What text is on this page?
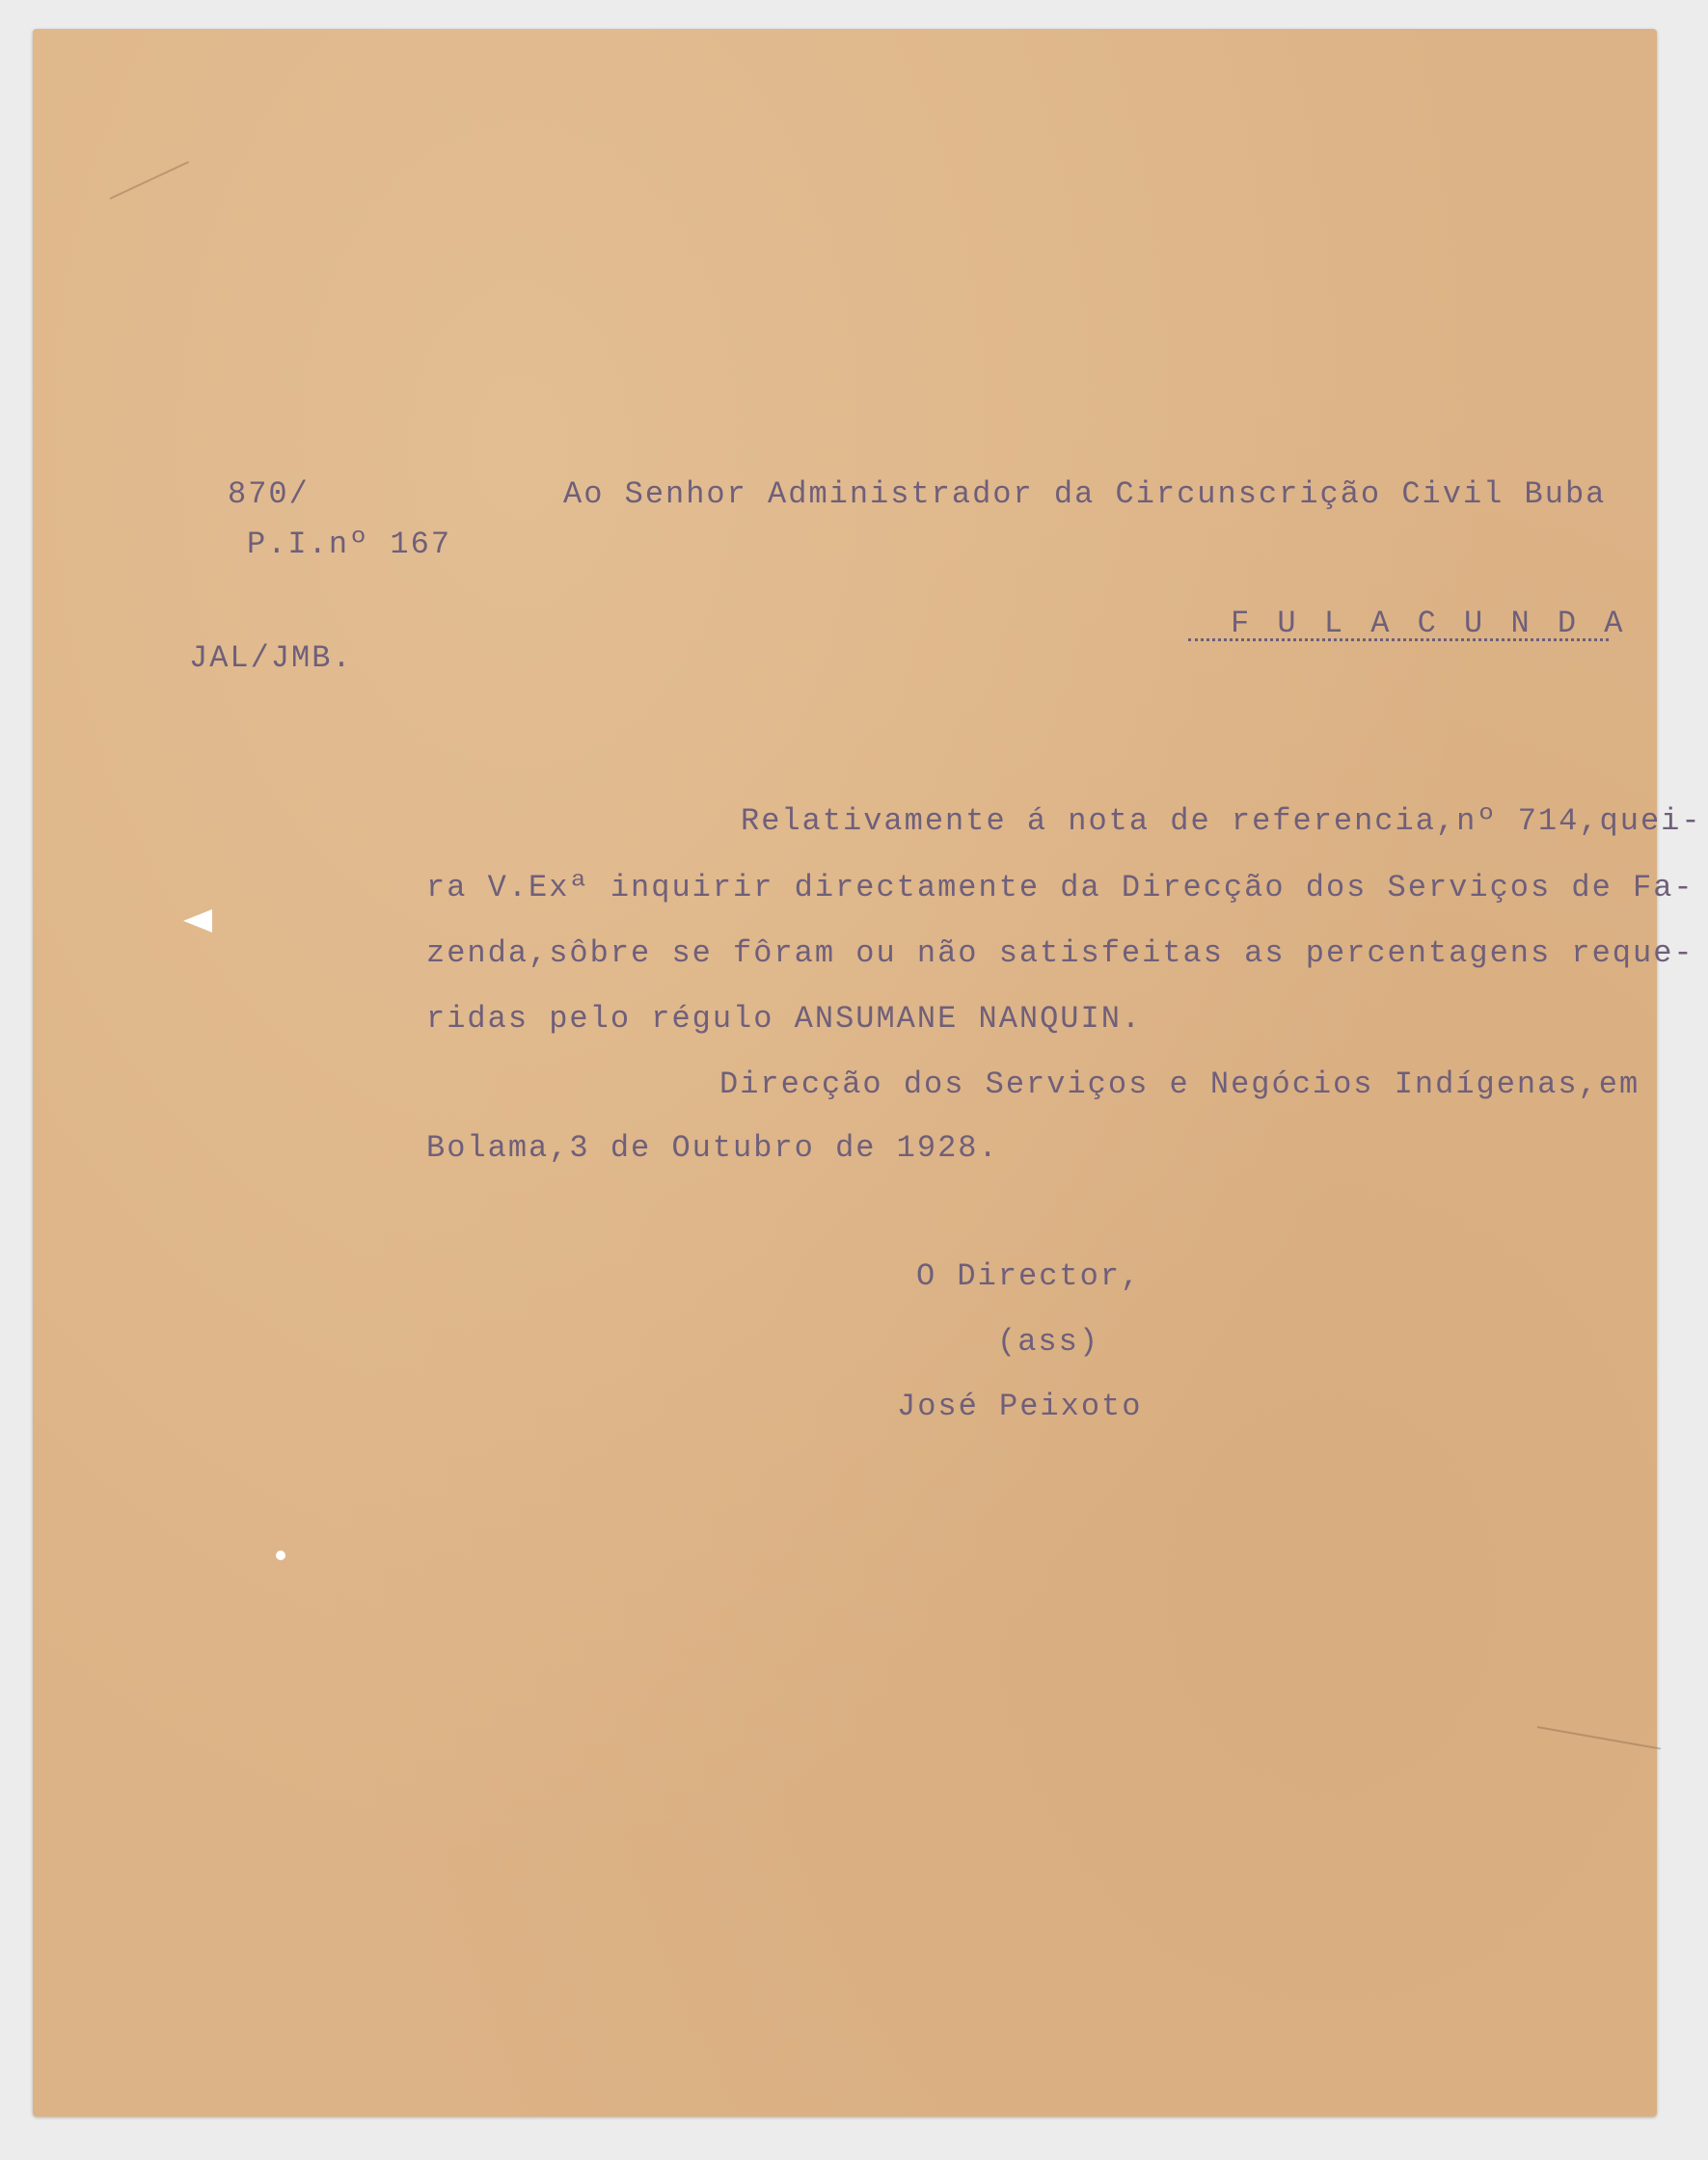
870/
P.I.nº 167
JAL/JMB.
Ao Senhor Administrador da Circunscrição Civil Buba
F U L A C U N D A
Relativamente á nota de referencia,nº 714,quei-
ra V.Exª inquirir directamente da Direcção dos Serviços de Fa-
zenda,sôbre se fôram ou não satisfeitas as percentagens reque-
ridas pelo régulo ANSUMANE NANQUIN.
Direcção dos Serviços e Negócios Indígenas,em
Bolama,3 de Outubro de 1928.
O Director,
(ass)
José Peixoto
